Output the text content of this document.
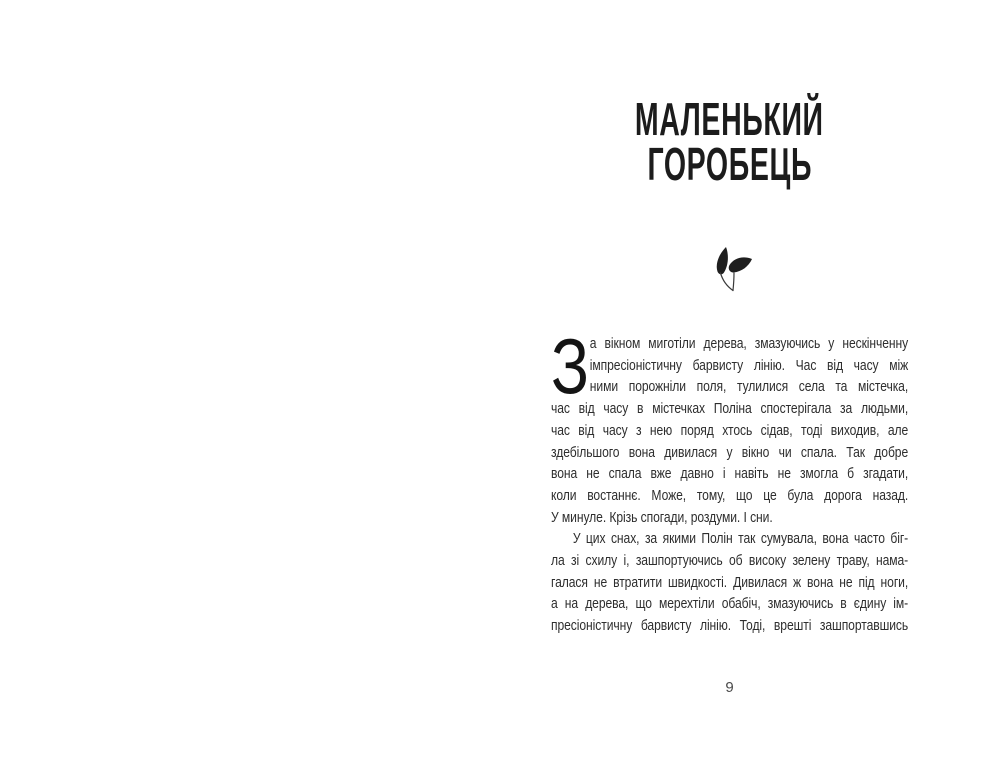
МАЛЕНЬКИЙ
ГОРОБЕЦЬ
З а вікном миготіли дерева, змазуючись у нескінченну
імпресіоністичну барвисту лінію. Час від часу між
ними порожніли поля, тулилися села та містечка,
час від часу в містечках Поліна спостерігала за людьми,
час від часу з нею поряд хтось сідав, тоді виходив, але
здебільшого вона дивилася у вікно чи спала. Так добре
вона не спала вже давно і навіть не змогла б згадати,
коли востаннє. Може, тому, що це була дорога назад.
У минуле. Крізь спогади, роздуми. І сни.
У цих снах, за якими Полін так сумувала, вона часто біг-
ла зі схилу і, зашпортуючись об високу зелену траву, нама-
галася не втратити швидкості. Дивилася ж вона не під ноги,
а на дерева, що мерехтіли обабіч, змазуючись в єдину ім-
пресіоністичну барвисту лінію. Тоді, врешті зашпортавшись
9
